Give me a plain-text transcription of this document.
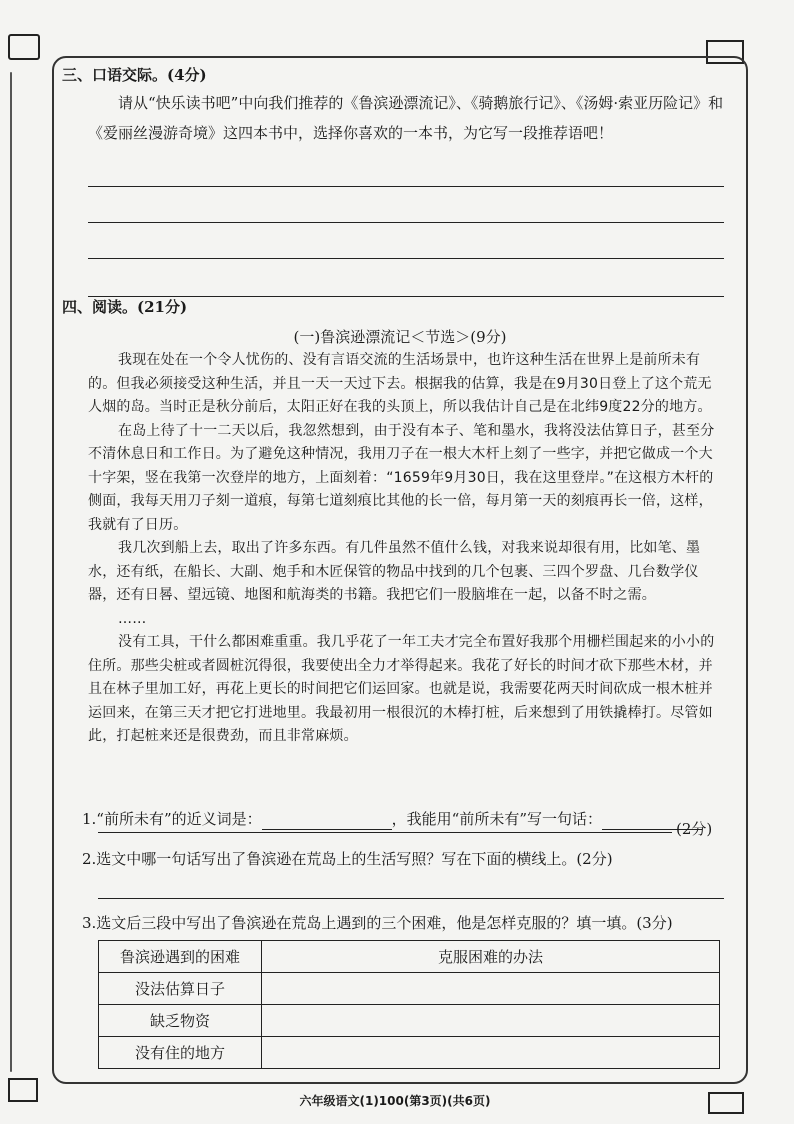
三、口语交际。(4分)
请从“快乐读书吧”中向我们推荐的《鲁滨逊漂流记》、《骑鹅旅行记》、《汤姆·索亚历险记》和《爱丽丝漫游奇境》这四本书中，选择你喜欢的一本书，为它写一段推荐语吧！
四、阅读。(21分)
(一)鲁滨逊漂流记＜节选＞(9分)

我现在处在一个令人忧伤的、没有言语交流的生活场景中，也许这种生活在世界上是前所未有的。但我必须接受这种生活，并且一天一天过下去。根据我的估算，我是在9月30日登上了这个荒无人烟的岛。当时正是秋分前后，太阳正好在我的头顶上，所以我估计自己是在北纬9度22分的地方。

在岛上待了十一二天以后，我忽然想到，由于没有本子、笔和墨水，我将没法估算日子，甚至分不清休息日和工作日。为了避免这种情况，我用刀子在一根大木杆上刻了一些字，并把它做成一个大十字架，竖在我第一次登岸的地方，上面刻着：“1659年9月30日，我在这里登岸。”在这根方木杆的侧面，我每天用刀子刻一道痕，每第七道刻痕比其他的长一倍，每月第一天的刻痕再长一倍，这样，我就有了日历。

我几次到船上去，取出了许多东西。有几件虽然不值什么钱，对我来说却很有用，比如笔、墨水，还有纸，在船长、大副、炮手和木匠保管的物品中找到的几个包裹、三四个罗盘、几台数学仪器，还有日晷、望远镜、地图和航海类的书籍。我把它们一股脑堆在一起，以备不时之需。

……

没有工具，干什么都困难重重。我几乎花了一年工夫才完全布置好我那个用栅栏围起来的小小的住所。那些尖桩或者圆桩沉得很，我要使出全力才举得起来。我花了好长的时间才砍下那些木材，并且在林子里加工好，再花上更长的时间把它们运回家。也就是说，我需要花两天时间砍成一根木桩并运回来，在第三天才把它打进地里。我最初用一根很沉的木棒打桩，后来想到了用铁撬棒打。尽管如此，打起桩来还是很费劲，而且非常麻烦。

1.“前所未有”的近义词是：	，我能用“前所未有”写一句话：
(2分)
2.选文中哪一句话写出了鲁滨逊在荒岛上的生活写照？写在下面的横线上。(2分)
3.选文后三段中写出了鲁滨逊在荒岛上遇到的三个困难，他是怎样克服的？填一填。(3分)
鲁滨逊遇到的困难	克服困难的办法
没法估算日子	
缺乏物资	
没有住的地方	
六年级语文(1)100(第3页)(共6页)
